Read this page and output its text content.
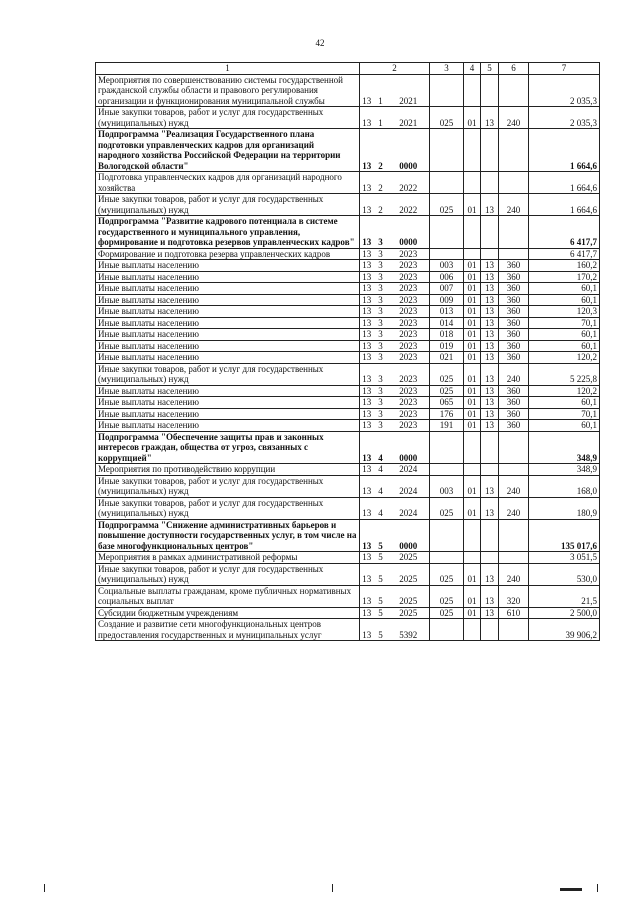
42
1	2			3	4	5	6	7
Мероприятия по совершенствованию системы государственной гражданской службы области и правового регулирования организации и функционирования муниципальной службы	13	1	2021					2 035,3
Иные закупки товаров, работ и услуг для государственных (муниципальных) нужд	13	1	2021	025	01	13	240	2 035,3
Подпрограмма "Реализация Государственного плана подготовки управленческих кадров для организаций народного хозяйства Российской Федерации на территории Вологодской области"	13	2	0000					1 664,6
Подготовка управленческих кадров для организаций народного хозяйства	13	2	2022					1 664,6
Иные закупки товаров, работ и услуг для государственных (муниципальных) нужд	13	2	2022	025	01	13	240	1 664,6
Подпрограмма "Развитие кадрового потенциала в системе государственного и муниципального управления, формирование и подготовка резервов управленческих кадров"	13	3	0000					6 417,7
Формирование и подготовка резерва управленческих кадров	13	3	2023					6 417,7
Иные выплаты населению	13	3	2023	003	01	13	360	160,2
Иные выплаты населению	13	3	2023	006	01	13	360	170,2
Иные выплаты населению	13	3	2023	007	01	13	360	60,1
Иные выплаты населению	13	3	2023	009	01	13	360	60,1
Иные выплаты населению	13	3	2023	013	01	13	360	120,3
Иные выплаты населению	13	3	2023	014	01	13	360	70,1
Иные выплаты населению	13	3	2023	018	01	13	360	60,1
Иные выплаты населению	13	3	2023	019	01	13	360	60,1
Иные выплаты населению	13	3	2023	021	01	13	360	120,2
Иные закупки товаров, работ и услуг для государственных (муниципальных) нужд	13	3	2023	025	01	13	240	5 225,8
Иные выплаты населению	13	3	2023	025	01	13	360	120,2
Иные выплаты населению	13	3	2023	065	01	13	360	60,1
Иные выплаты населению	13	3	2023	176	01	13	360	70,1
Иные выплаты населению	13	3	2023	191	01	13	360	60,1
Подпрограмма "Обеспечение защиты прав и законных интересов граждан, общества от угроз, связанных с коррупцией"	13	4	0000					348,9
Мероприятия по противодействию коррупции	13	4	2024					348,9
Иные закупки товаров, работ и услуг для государственных (муниципальных) нужд	13	4	2024	003	01	13	240	168,0
Иные закупки товаров, работ и услуг для государственных (муниципальных) нужд	13	4	2024	025	01	13	240	180,9
Подпрограмма "Снижение административных барьеров и повышение доступности государственных услуг, в том числе на базе многофункциональных центров"	13	5	0000					135 017,6
Мероприятия в рамках административной реформы	13	5	2025					3 051,5
Иные закупки товаров, работ и услуг для государственных (муниципальных) нужд	13	5	2025	025	01	13	240	530,0
Социальные выплаты гражданам, кроме публичных нормативных социальных выплат	13	5	2025	025	01	13	320	21,5
Субсидии бюджетным учреждениям	13	5	2025	025	01	13	610	2 500,0
Создание и развитие сети многофункциональных центров предоставления государственных и муниципальных услуг	13	5	5392					39 906,2
